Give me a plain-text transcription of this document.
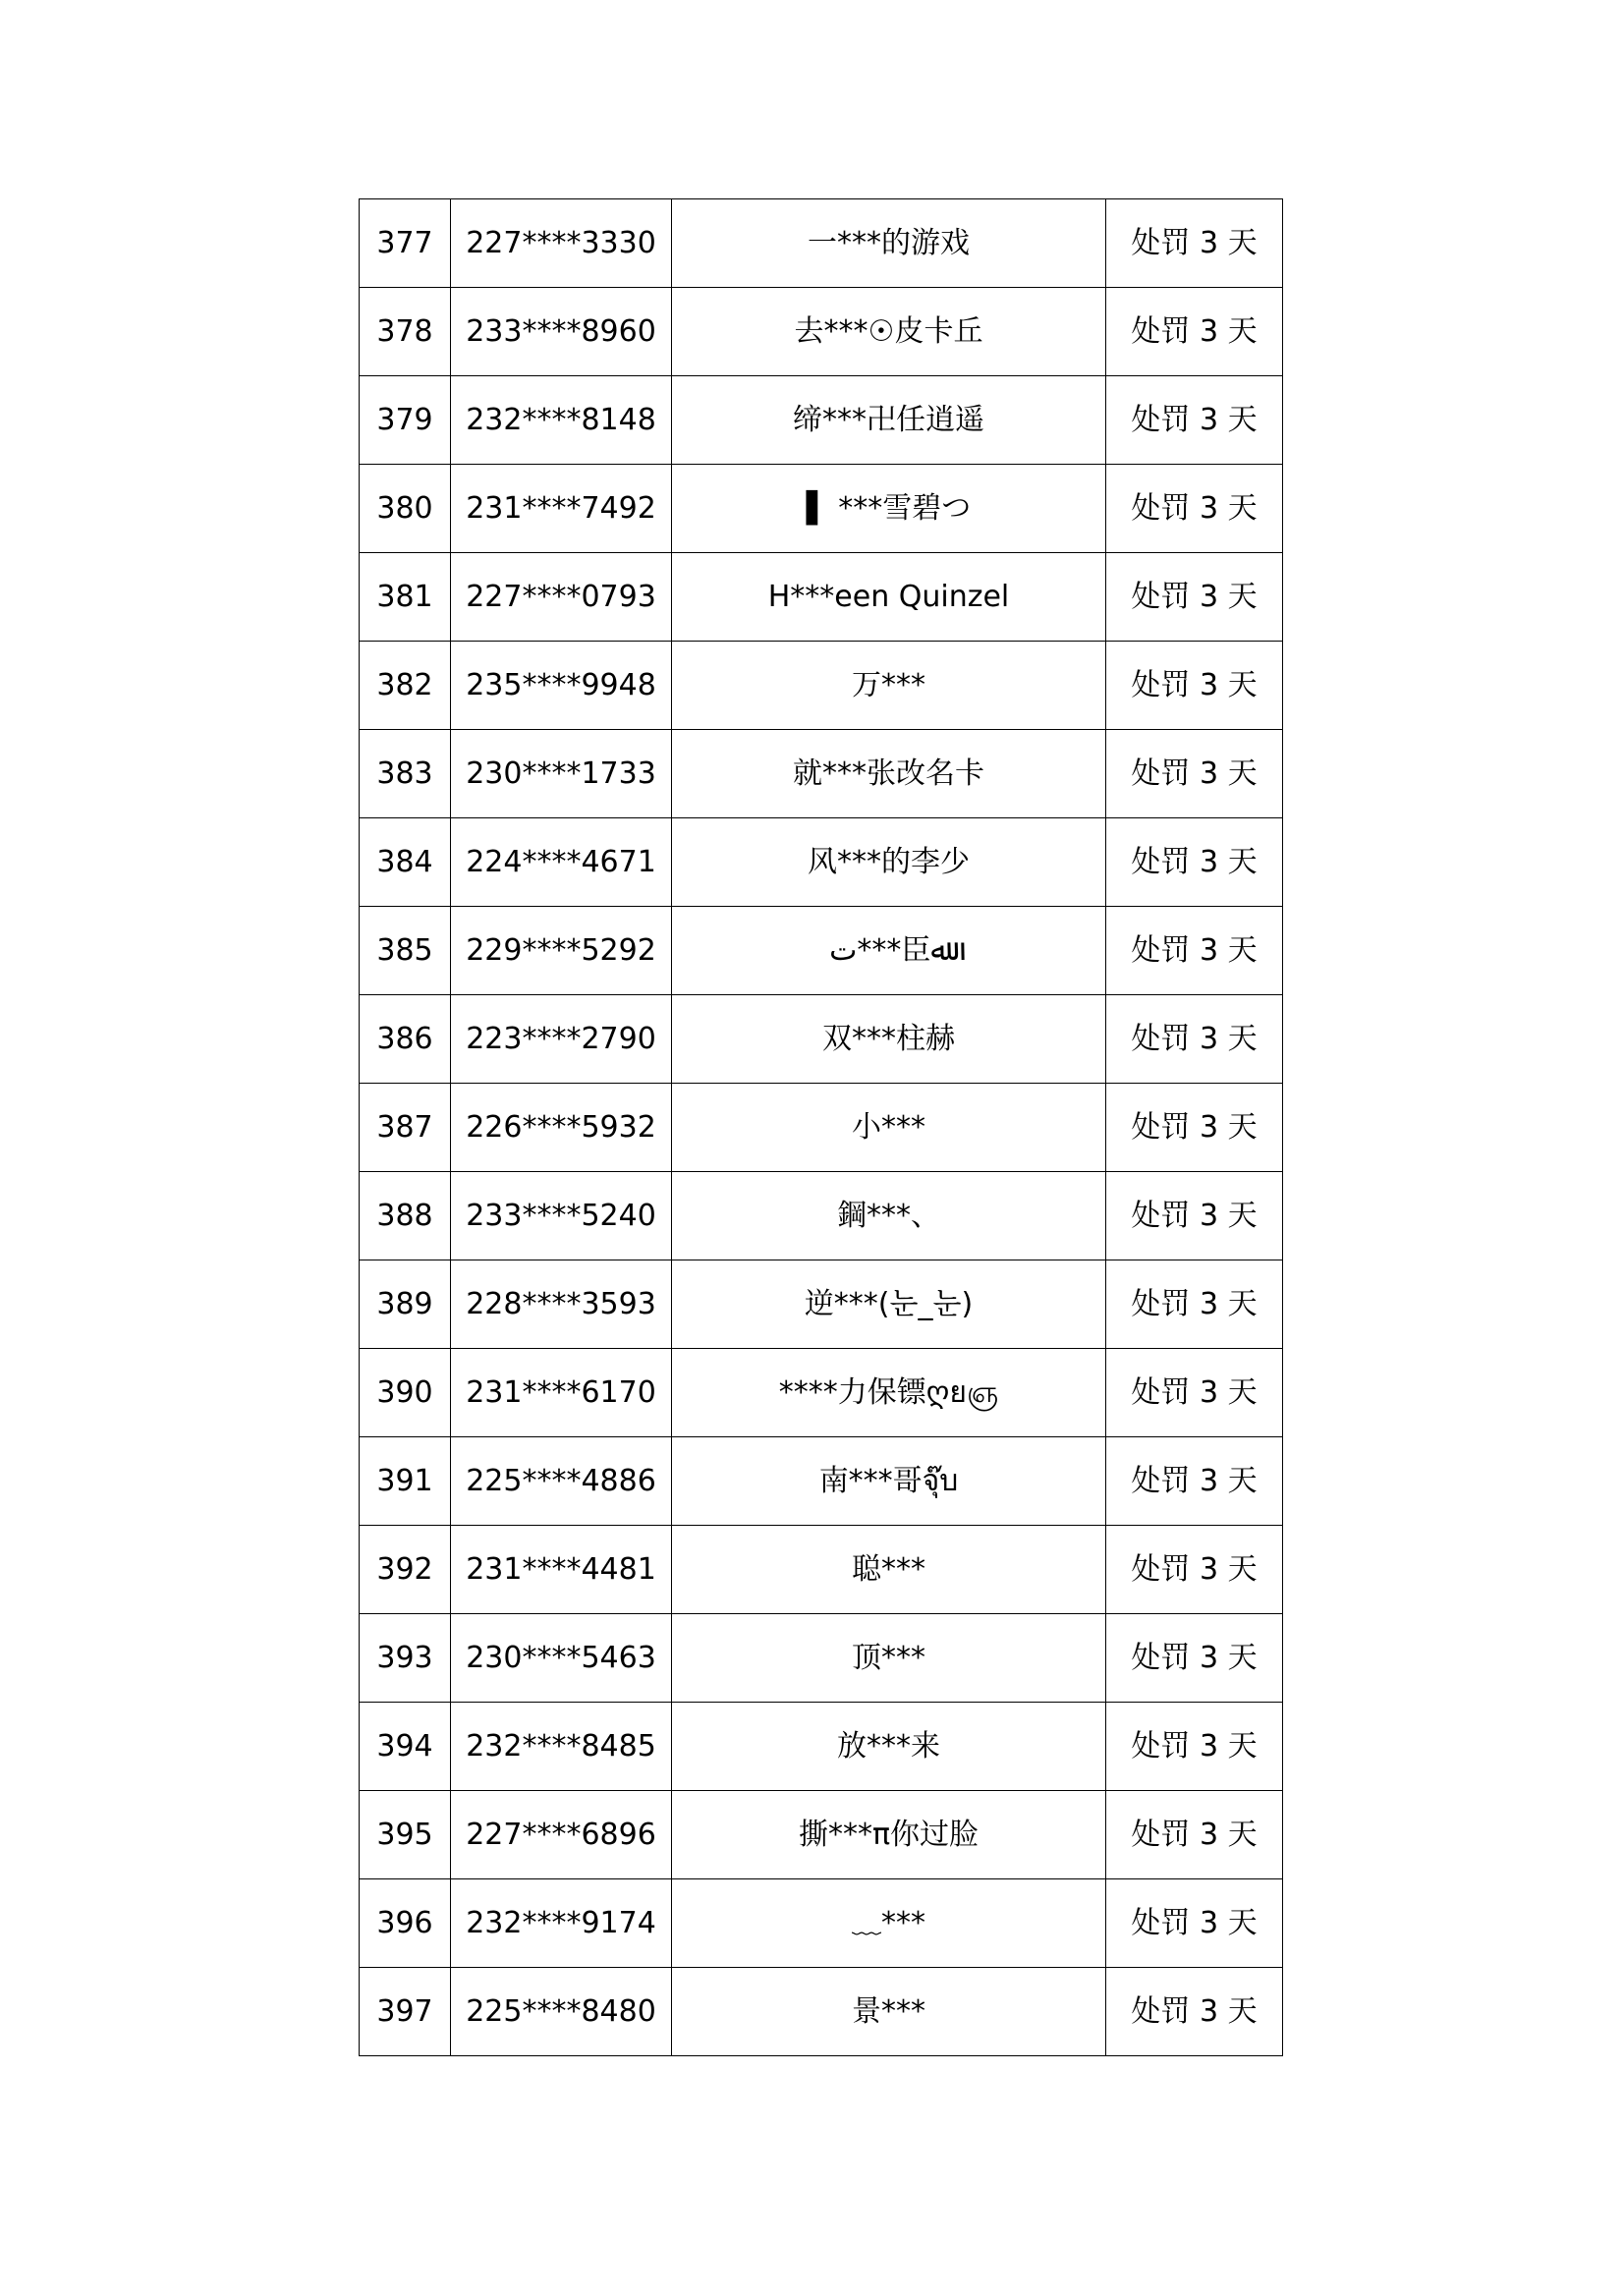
377	227****3330	一***的游戏	处罚 3 天
378	233****8960	去***☉皮卡丘	处罚 3 天
379	232****8148	缔***卍任逍遥	处罚 3 天
380	231****7492	▌ ***雪碧つ	处罚 3 天
381	227****0793	H***een Quinzel	处罚 3 天
382	235****9948	万***	处罚 3 天
383	230****1733	就***张改名卡	处罚 3 天
384	224****4671	风***的李少	处罚 3 天
385	229****5292	ت***臣ﷲ	处罚 3 天
386	223****2790	双***柱赫	处罚 3 天
387	226****5932	小***	处罚 3 天
388	233****5240	鋼***、	处罚 3 天
389	228****3593	逆***(눈_눈)	处罚 3 天
390	231****6170	****力保镖ღยஞ	处罚 3 天
391	225****4886	南***哥จุ๊บ	处罚 3 天
392	231****4481	聪***	处罚 3 天
393	230****5463	顶***	处罚 3 天
394	232****8485	放***来	处罚 3 天
395	227****6896	撕***π你过脸	处罚 3 天
396	232****9174	﹏***	处罚 3 天
397	225****8480	景***	处罚 3 天
